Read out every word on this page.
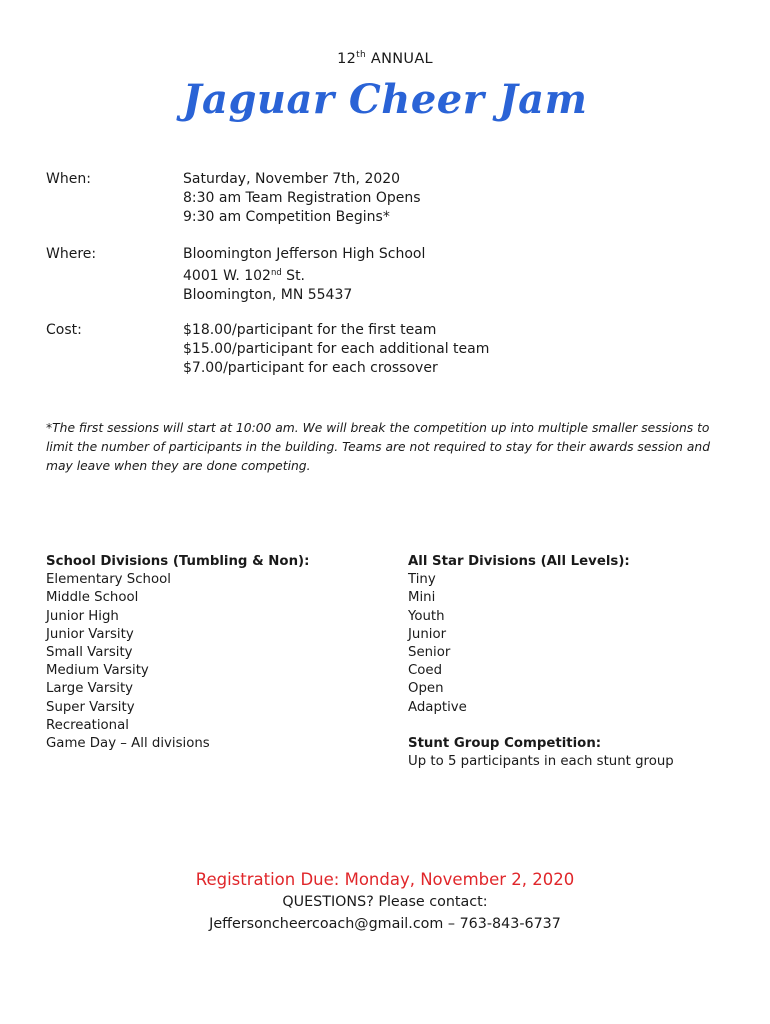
12th ANNUAL
Jaguar Cheer Jam
When:	Saturday, November 7th, 2020
8:30 am Team Registration Opens
9:30 am Competition Begins*
Where:	Bloomington Jefferson High School
4001 W. 102nd St.
Bloomington, MN 55437
Cost:	$18.00/participant for the first team
$15.00/participant for each additional team
$7.00/participant for each crossover
*The first sessions will start at 10:00 am. We will break the competition up into multiple smaller sessions to limit the number of participants in the building. Teams are not required to stay for their awards session and may leave when they are done competing.
School Divisions (Tumbling & Non):
Elementary School
Middle School
Junior High
Junior Varsity
Small Varsity
Medium Varsity
Large Varsity
Super Varsity
Recreational
Game Day – All divisions
All Star Divisions (All Levels):
Tiny
Mini
Youth
Junior
Senior
Coed
Open
Adaptive
Stunt Group Competition:
Up to 5 participants in each stunt group
Registration Due: Monday, November 2, 2020
QUESTIONS? Please contact:
Jeffersoncheercoach@gmail.com – 763-843-6737
